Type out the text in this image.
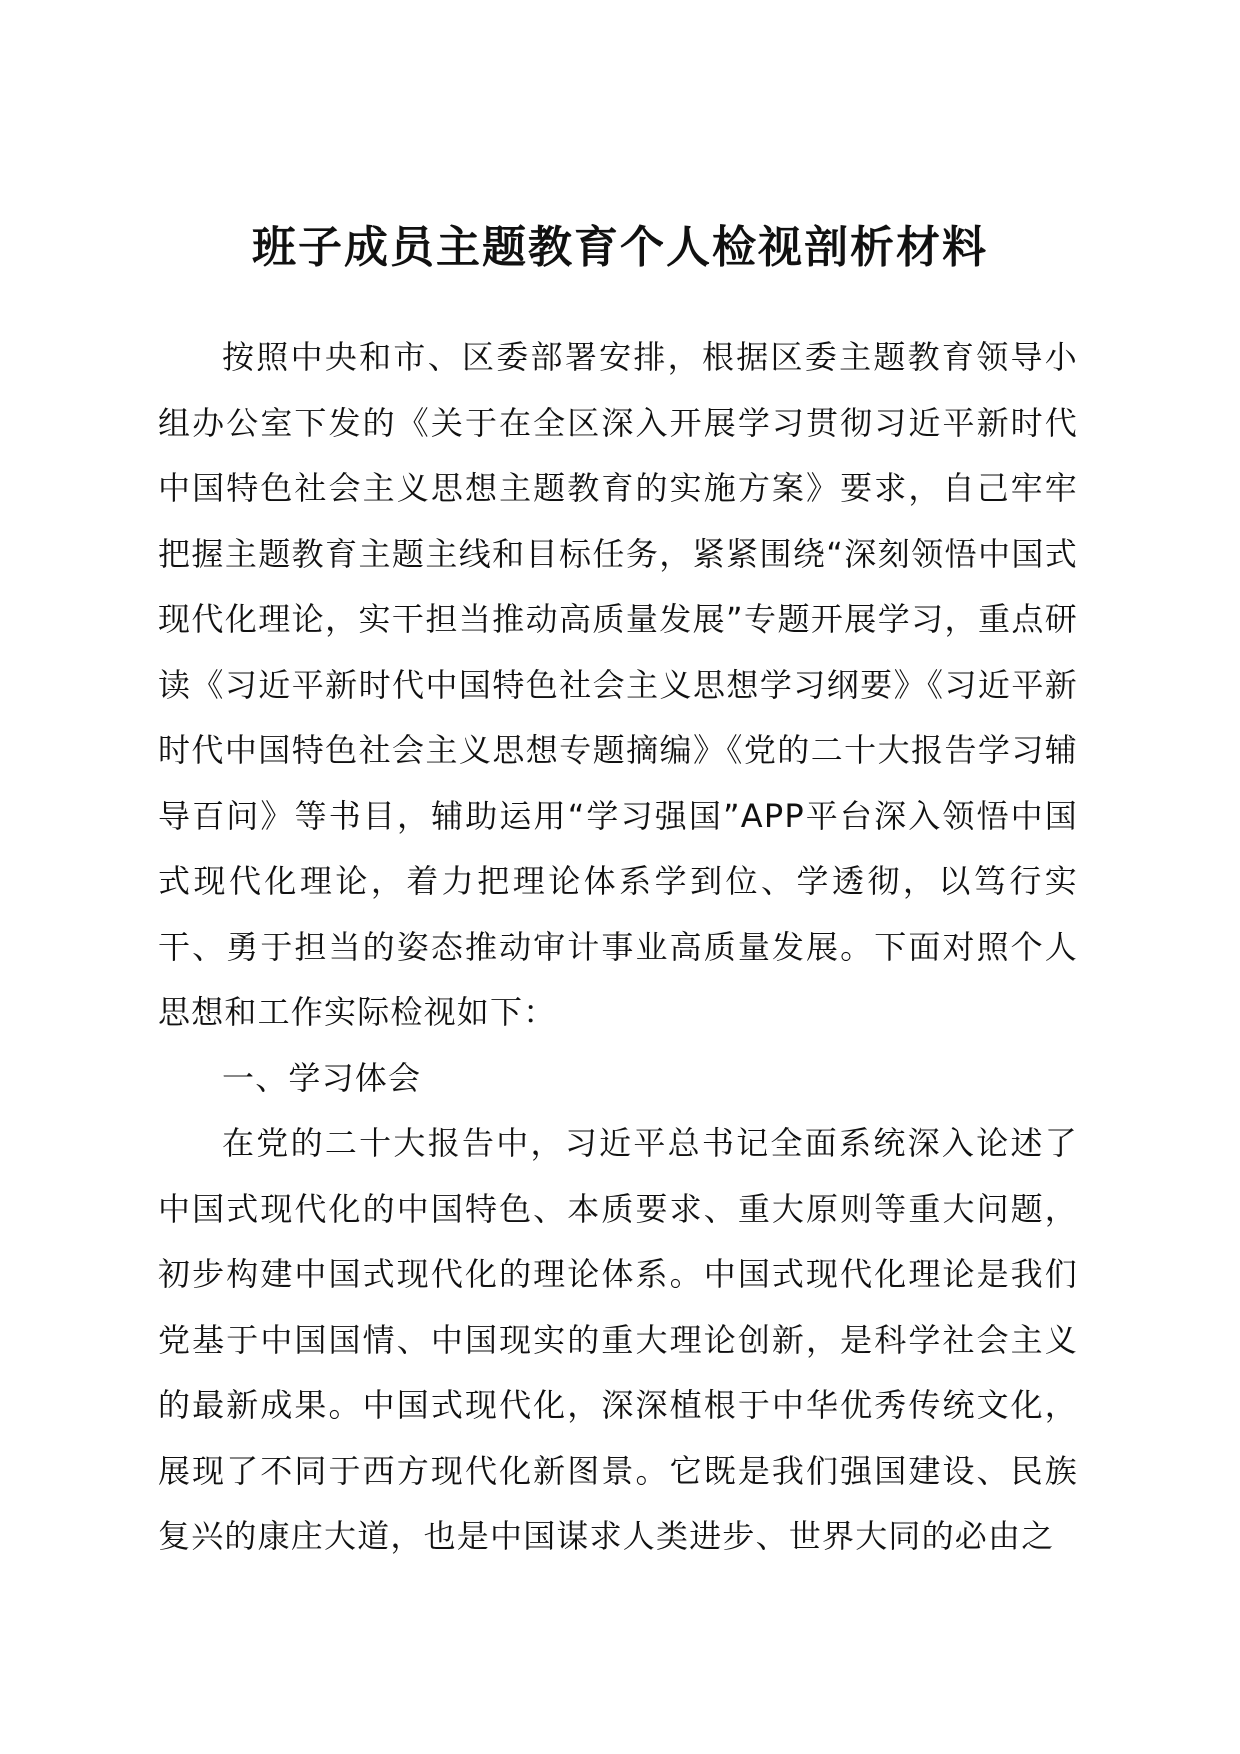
班子成员主题教育个人检视剖析材料

按照中央和市、区委部署安排，根据区委主题教育领导小组办公室下发的《关于在全区深入开展学习贯彻习近平新时代中国特色社会主义思想主题教育的实施方案》要求，自己牢牢把握主题教育主题主线和目标任务，紧紧围绕“深刻领悟中国式现代化理论，实干担当推动高质量发展”专题开展学习，重点研读《习近平新时代中国特色社会主义思想学习纲要》《习近平新时代中国特色社会主义思想专题摘编》《党的二十大报告学习辅导百问》等书目，辅助运用“学习强国”APP平台深入领悟中国式现代化理论，着力把理论体系学到位、学透彻，以笃行实干、勇于担当的姿态推动审计事业高质量发展。下面对照个人思想和工作实际检视如下：

一、学习体会

在党的二十大报告中，习近平总书记全面系统深入论述了中国式现代化的中国特色、本质要求、重大原则等重大问题，初步构建中国式现代化的理论体系。中国式现代化理论是我们党基于中国国情、中国现实的重大理论创新，是科学社会主义的最新成果。中国式现代化，深深植根于中华优秀传统文化，展现了不同于西方现代化新图景。它既是我们强国建设、民族复兴的康庄大道，也是中国谋求人类进步、世界大同的必由之
